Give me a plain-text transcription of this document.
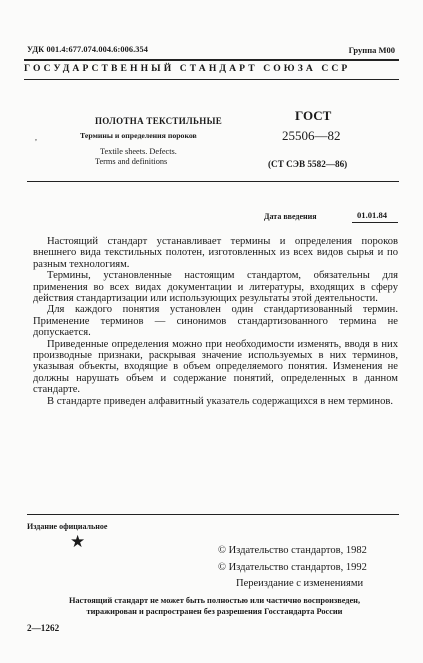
УДК 001.4:677.074.004.6:006.354	Группа М00
ГОСУДАРСТВЕННЫЙ СТАНДАРТ СОЮЗА ССР
,
ПОЛОТНА ТЕКСТИЛЬНЫЕ
Термины и определения пороков
Textile sheets. Defects.
Terms and definitions
ГОСТ
25506—82
(СТ СЭВ 5582—86)
Дата введения	01.01.84

Настоящий стандарт устанавливает термины и определения пороков внешнего вида текстильных полотен, изготовленных из всех видов сырья и по разным технологиям.

Термины, установленные настоящим стандартом, обязательны для применения во всех видах документации и литературы, входящих в сферу действия стандартизации или использующих результаты этой деятельности.

Для каждого понятия установлен один стандартизованный термин. Применение терминов — синонимов стандартизованного термина не допускается.

Приведенные определения можно при необходимости изменять, вводя в них производные признаки, раскрывая значение используемых в них терминов, указывая объекты, входящие в объем определяемого понятия. Изменения не должны нарушать объем и содержание понятий, определенных в данном стандарте.

В стандарте приведен алфавитный указатель содержащихся в нем терминов.

Издание официальное
★	© Издательство стандартов, 1982
© Издательство стандартов, 1992
Переиздание с изменениями
Настоящий стандарт не может быть полностью или частично воспроизведен,
тиражирован и распространен без разрешения Госстандарта России
2—1262
